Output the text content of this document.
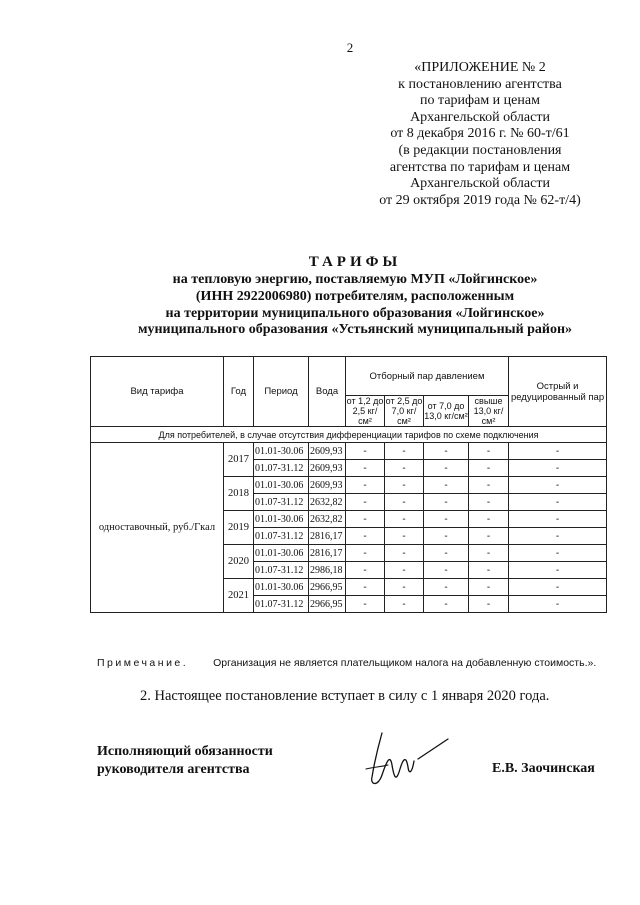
2
«ПРИЛОЖЕНИЕ № 2
к постановлению агентства
по тарифам и ценам
Архангельской области
от 8 декабря 2016 г. № 60-т/61
(в редакции постановления
агентства по тарифам и ценам
Архангельской области
от 29 октября 2019 года № 62-т/4)
ТАРИФЫ
на тепловую энергию, поставляемую МУП «Лойгинское»
(ИНН 2922006980) потребителям, расположенным
на территории муниципального образования «Лойгинское»
муниципального образования «Устьянский муниципальный район»
Вид тарифа	Год	Период	Вода	Отборный пар давлением				Острый и редуцированный пар
				от 1,2 до 2,5 кг/см²	от 2,5 до 7,0 кг/см²	от 7,0 до 13,0 кг/см²	свыше 13,0 кг/см²	
Для потребителей, в случае отсутствия дифференциации тарифов по схеме подключения								
одноставочный, руб./Гкал	2017	01.01-30.06	2609,93	-	-	-	-	-
		01.07-31.12	2609,93	-	-	-	-	-
	2018	01.01-30.06	2609,93	-	-	-	-	-
		01.07-31.12	2632,82	-	-	-	-	-
	2019	01.01-30.06	2632,82	-	-	-	-	-
		01.07-31.12	2816,17	-	-	-	-	-
	2020	01.01-30.06	2816,17	-	-	-	-	-
		01.07-31.12	2986,18	-	-	-	-	-
	2021	01.01-30.06	2966,95	-	-	-	-	-
		01.07-31.12	2966,95	-	-	-	-	-
Примечание. Организация не является плательщиком налога на добавленную стоимость.».
2. Настоящее постановление вступает в силу с 1 января 2020 года.
Исполняющий обязанности
руководителя агентства	Е.В. Заочинская
